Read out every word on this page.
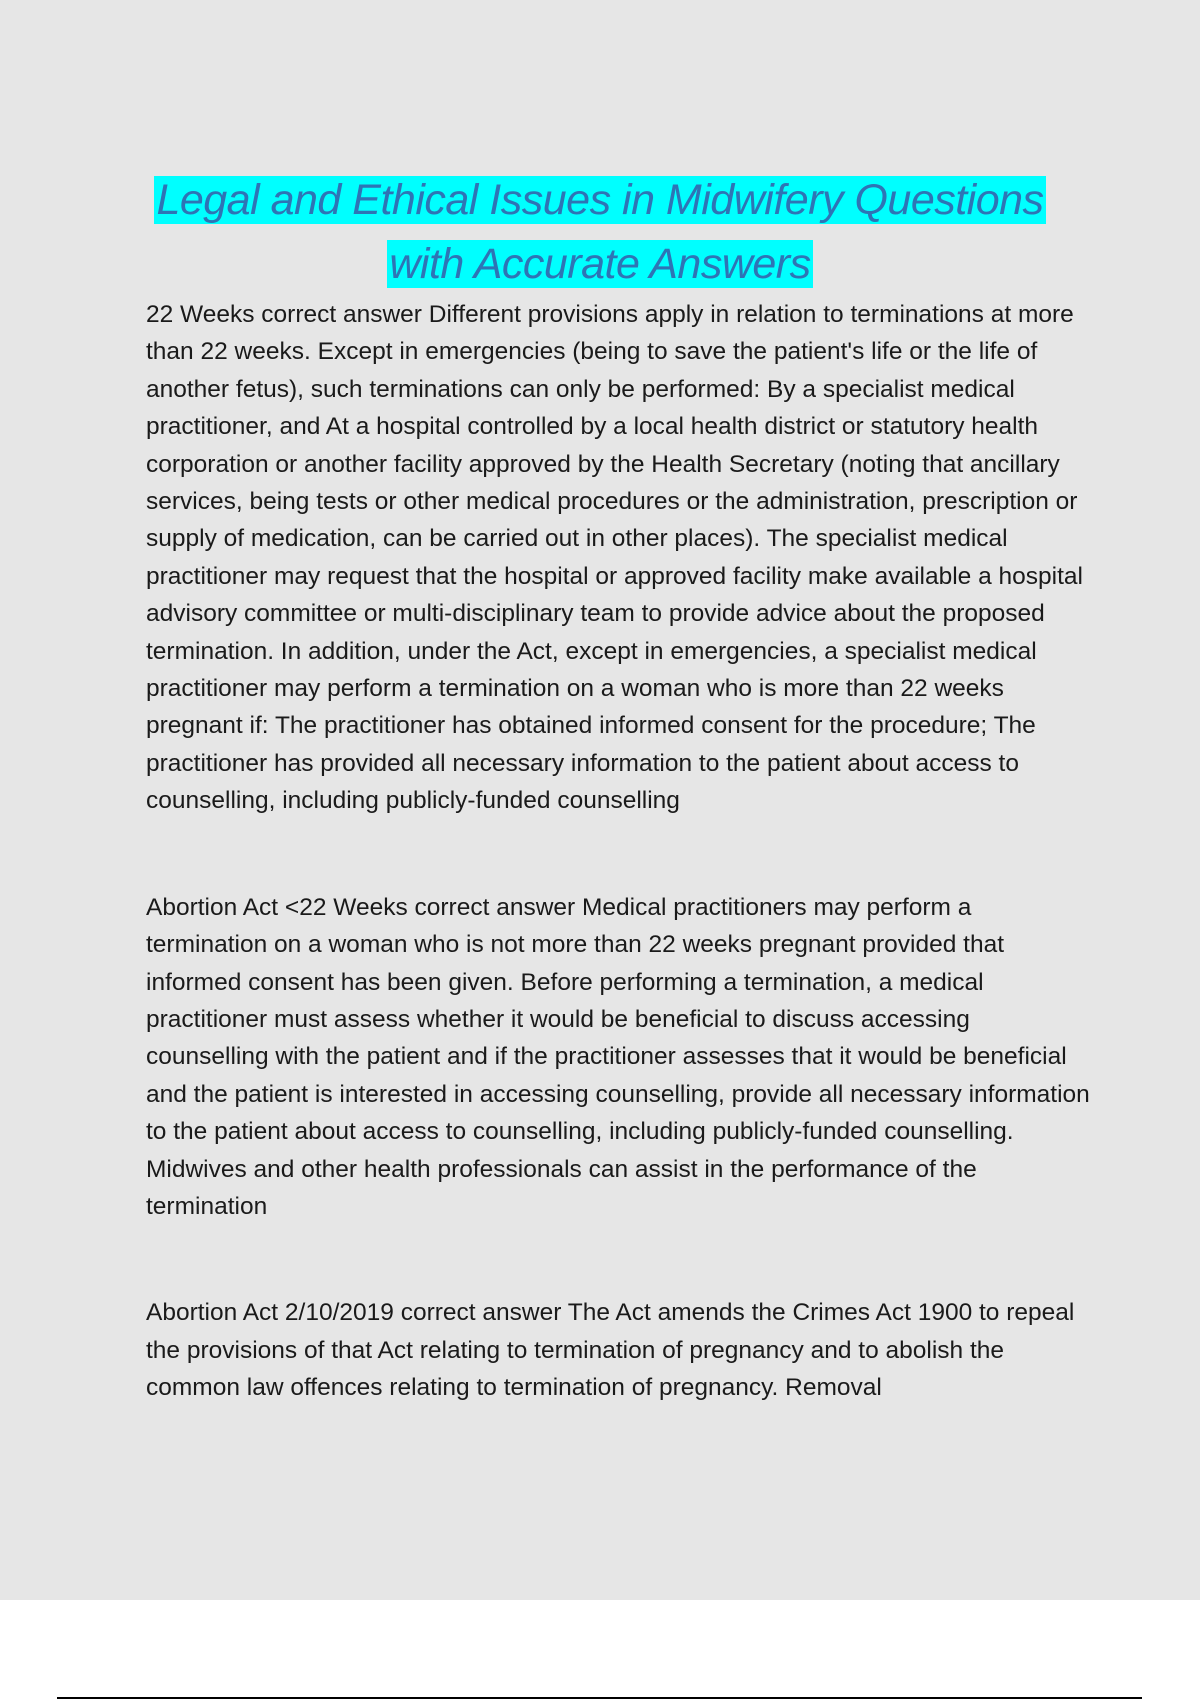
Legal and Ethical Issues in Midwifery Questions
with Accurate Answers

22 Weeks correct answer Different provisions apply in relation to terminations at more than 22 weeks. Except in emergencies (being to save the patient's life or the life of another fetus), such terminations can only be performed: By a specialist medical practitioner, and At a hospital controlled by a local health district or statutory health corporation or another facility approved by the Health Secretary (noting that ancillary services, being tests or other medical procedures or the administration, prescription or supply of medication, can be carried out in other places). The specialist medical practitioner may request that the hospital or approved facility make available a hospital advisory committee or multi-disciplinary team to provide advice about the proposed termination. In addition, under the Act, except in emergencies, a specialist medical practitioner may perform a termination on a woman who is more than 22 weeks pregnant if: The practitioner has obtained informed consent for the procedure; The practitioner has provided all necessary information to the patient about access to counselling, including publicly-funded counselling

Abortion Act <22 Weeks correct answer Medical practitioners may perform a termination on a woman who is not more than 22 weeks pregnant provided that informed consent has been given. Before performing a termination, a medical practitioner must assess whether it would be beneficial to discuss accessing counselling with the patient and if the practitioner assesses that it would be beneficial and the patient is interested in accessing counselling, provide all necessary information to the patient about access to counselling, including publicly-funded counselling. Midwives and other health professionals can assist in the performance of the termination

Abortion Act 2/10/2019 correct answer The Act amends the Crimes Act 1900 to repeal the provisions of that Act relating to termination of pregnancy and to abolish the common law offences relating to termination of pregnancy. Removal
